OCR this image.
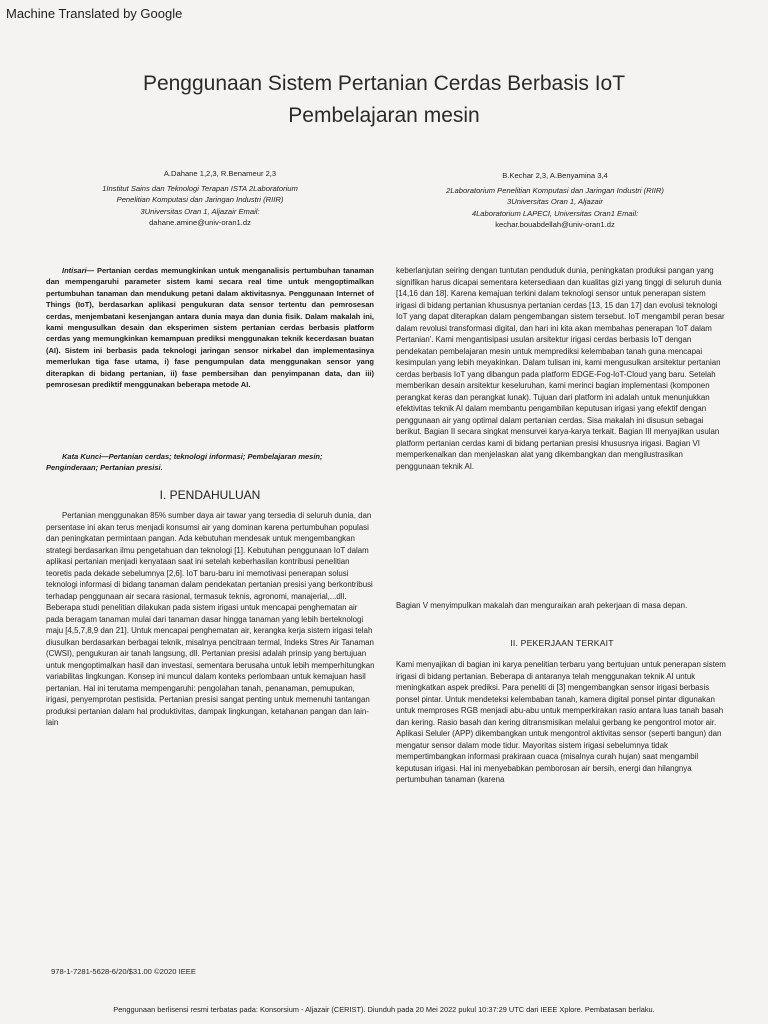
Machine Translated by Google
Penggunaan Sistem Pertanian Cerdas Berbasis IoT
Pembelajaran mesin
A.Dahane 1,2,3, R.Benameur 2,3
1Institut Sains dan Teknologi Terapan ISTA 2Laboratorium
Penelitian Komputasi dan Jaringan Industri (RIIR)
3Universitas Oran 1, Aljazair Email:
dahane.amine@univ-oran1.dz
B.Kechar 2,3, A.Benyamina 3,4
2Laboratorium Penelitian Komputasi dan Jaringan Industri (RIIR)
3Universitas Oran 1, Aljazair
4Laboratorium LAPECI, Universitas Oran1 Email:
kechar.bouabdellah@univ-oran1.dz
Intisari— Pertanian cerdas memungkinkan untuk menganalisis pertumbuhan tanaman dan mempengaruhi parameter sistem kami secara real time untuk mengoptimalkan pertumbuhan tanaman dan mendukung petani dalam aktivitasnya. Penggunaan Internet of Things (IoT), berdasarkan aplikasi pengukuran data sensor tertentu dan pemrosesan cerdas, menjembatani kesenjangan antara dunia maya dan dunia fisik. Dalam makalah ini, kami mengusulkan desain dan eksperimen sistem pertanian cerdas berbasis platform cerdas yang memungkinkan kemampuan prediksi menggunakan teknik kecerdasan buatan (AI). Sistem ini berbasis pada teknologi jaringan sensor nirkabel dan implementasinya memerlukan tiga fase utama, i) fase pengumpulan data menggunakan sensor yang diterapkan di bidang pertanian, ii) fase pembersihan dan penyimpanan data, dan iii) pemrosesan prediktif menggunakan beberapa metode AI.
Kata Kunci—Pertanian cerdas; teknologi informasi; Pembelajaran mesin; Penginderaan; Pertanian presisi.
I. PENDAHULUAN
Pertanian menggunakan 85% sumber daya air tawar yang tersedia di seluruh dunia, dan persentase ini akan terus menjadi konsumsi air yang dominan karena pertumbuhan populasi dan peningkatan permintaan pangan. Ada kebutuhan mendesak untuk mengembangkan strategi berdasarkan ilmu pengetahuan dan teknologi [1]. Kebutuhan penggunaan IoT dalam aplikasi pertanian menjadi kenyataan saat ini setelah keberhasilan kontribusi penelitian teoretis pada dekade sebelumnya [2,6]. IoT baru-baru ini memotivasi penerapan solusi teknologi informasi di bidang tanaman dalam pendekatan pertanian presisi yang berkontribusi terhadap penggunaan air secara rasional, termasuk teknis, agronomi, manajerial,...dll. Beberapa studi penelitian dilakukan pada sistem irigasi untuk mencapai penghematan air pada beragam tanaman mulai dari tanaman dasar hingga tanaman yang lebih berteknologi maju [4,5,7,8,9 dan 21]. Untuk mencapai penghematan air, kerangka kerja sistem irigasi telah diusulkan berdasarkan berbagai teknik, misalnya pencitraan termal, Indeks Stres Air Tanaman (CWSI), pengukuran air tanah langsung, dll. Pertanian presisi adalah prinsip yang bertujuan untuk mengoptimalkan hasil dan investasi, sementara berusaha untuk lebih memperhitungkan variabilitas lingkungan. Konsep ini muncul dalam konteks perlombaan untuk kemajuan hasil pertanian. Hal ini terutama mempengaruhi: pengolahan tanah, penanaman, pemupukan, irigasi, penyemprotan pestisida. Pertanian presisi sangat penting untuk memenuhi tantangan produksi pertanian dalam hal produktivitas, dampak lingkungan, ketahanan pangan dan lain-lain
keberlanjutan seiring dengan tuntutan penduduk dunia, peningkatan produksi pangan yang signifikan harus dicapai sementara ketersediaan dan kualitas gizi yang tinggi di seluruh dunia [14,16 dan 18]. Karena kemajuan terkini dalam teknologi sensor untuk penerapan sistem irigasi di bidang pertanian khususnya pertanian cerdas [13, 15 dan 17] dan evolusi teknologi IoT yang dapat diterapkan dalam pengembangan sistem tersebut. IoT mengambil peran besar dalam revolusi transformasi digital, dan hari ini kita akan membahas penerapan 'IoT dalam Pertanian'. Kami mengantisipasi usulan arsitektur irigasi cerdas berbasis IoT dengan pendekatan pembelajaran mesin untuk memprediksi kelembaban tanah guna mencapai kesimpulan yang lebih meyakinkan. Dalam tulisan ini, kami mengusulkan arsitektur pertanian cerdas berbasis IoT yang dibangun pada platform EDGE-Fog-IoT-Cloud yang baru. Setelah memberikan desain arsitektur keseluruhan, kami merinci bagian implementasi (komponen perangkat keras dan perangkat lunak). Tujuan dari platform ini adalah untuk menunjukkan efektivitas teknik AI dalam membantu pengambilan keputusan irigasi yang efektif dengan penggunaan air yang optimal dalam pertanian cerdas. Sisa makalah ini disusun sebagai berikut. Bagian II secara singkat mensurvei karya-karya terkait. Bagian III menyajikan usulan platform pertanian cerdas kami di bidang pertanian presisi khususnya irigasi. Bagian VI memperkenalkan dan menjelaskan alat yang dikembangkan dan mengilustrasikan penggunaan teknik AI.
Bagian V menyimpulkan makalah dan menguraikan arah pekerjaan di masa depan.
II. PEKERJAAN TERKAIT
Kami menyajikan di bagian ini karya penelitian terbaru yang bertujuan untuk penerapan sistem irigasi di bidang pertanian. Beberapa di antaranya telah menggunakan teknik AI untuk meningkatkan aspek prediksi. Para peneliti di [3] mengembangkan sensor irigasi berbasis ponsel pintar. Untuk mendeteksi kelembaban tanah, kamera digital ponsel pintar digunakan untuk memproses RGB menjadi abu-abu untuk memperkirakan rasio antara luas tanah basah dan kering. Rasio basah dan kering ditransmisikan melalui gerbang ke pengontrol motor air. Aplikasi Seluler (APP) dikembangkan untuk mengontrol aktivitas sensor (seperti bangun) dan mengatur sensor dalam mode tidur. Mayoritas sistem irigasi sebelumnya tidak mempertimbangkan informasi prakiraan cuaca (misalnya curah hujan) saat mengambil keputusan irigasi. Hal ini menyebabkan pemborosan air bersih, energi dan hilangnya pertumbuhan tanaman (karena
978-1-7281-5628-6/20/$31.00 ©2020 IEEE
Penggunaan berlisensi resmi terbatas pada: Konsorsium - Aljazair (CERIST). Diunduh pada 20 Mei 2022 pukul 10:37:29 UTC dari IEEE Xplore. Pembatasan berlaku.
